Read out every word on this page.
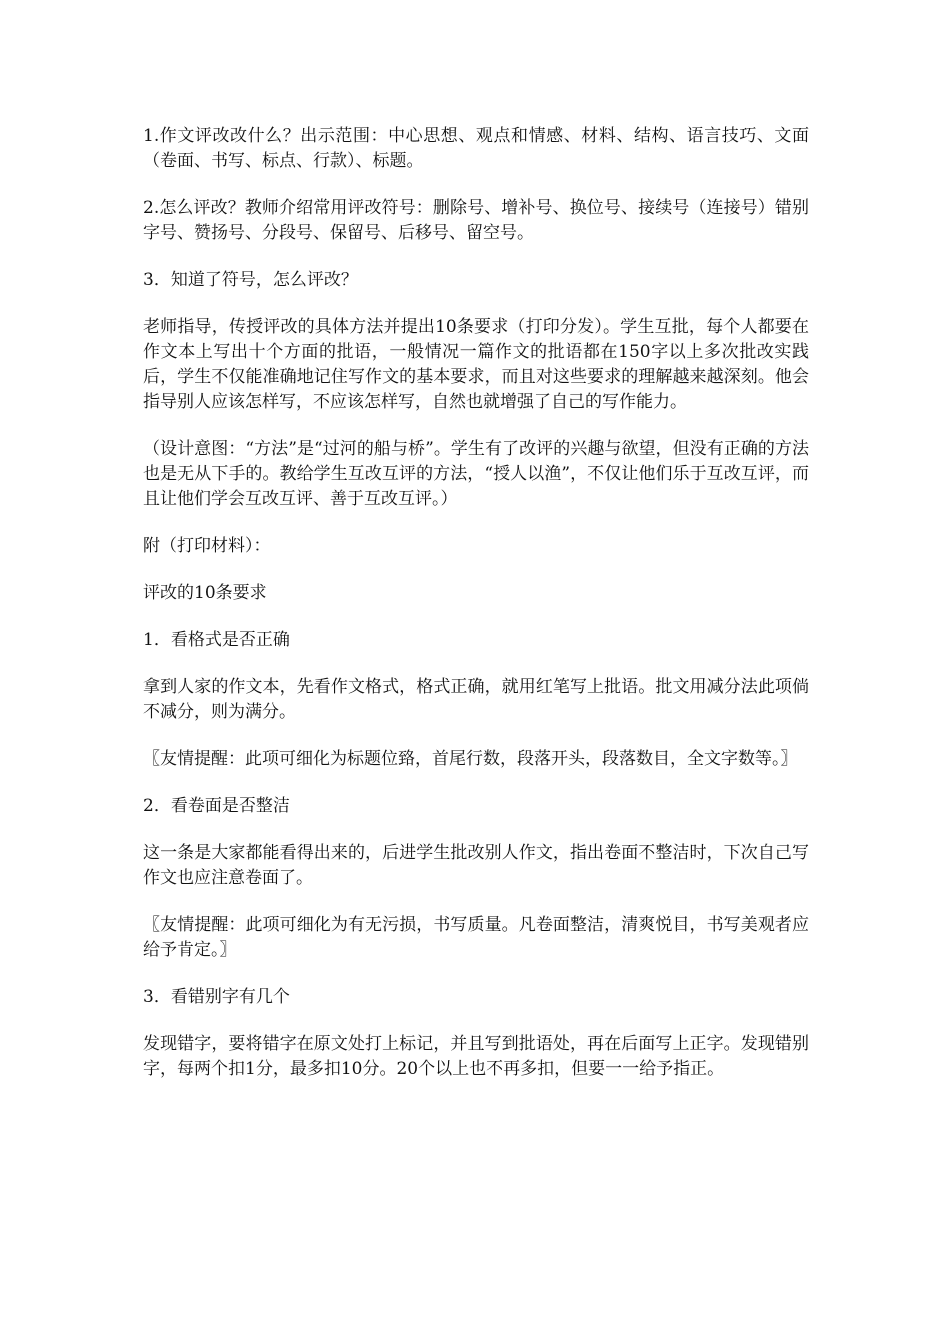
1.作文评改改什么？出示范围：中心思想、观点和情感、材料、结构、语言技巧、文面（卷面、书写、标点、行款）、标题。

2.怎么评改？教师介绍常用评改符号：删除号、增补号、换位号、接续号（连接号）错别字号、赞扬号、分段号、保留号、后移号、留空号。

3．知道了符号，怎么评改？

老师指导，传授评改的具体方法并提出10条要求（打印分发）。学生互批，每个人都要在作文本上写出十个方面的批语，一般情况一篇作文的批语都在150字以上多次批改实践后，学生不仅能准确地记住写作文的基本要求，而且对这些要求的理解越来越深刻。他会指导别人应该怎样写，不应该怎样写，自然也就增强了自己的写作能力。

（设计意图：“方法”是“过河的船与桥”。学生有了改评的兴趣与欲望，但没有正确的方法也是无从下手的。教给学生互改互评的方法，“授人以渔”，不仅让他们乐于互改互评，而且让他们学会互改互评、善于互改互评。）

附（打印材料）：

评改的10条要求

1．看格式是否正确

拿到人家的作文本，先看作文格式，格式正确，就用红笔写上批语。批文用减分法此项倘不减分，则为满分。

〖友情提醒：此项可细化为标题位臵，首尾行数，段落开头，段落数目，全文字数等。〗

2．看卷面是否整洁

这一条是大家都能看得出来的，后进学生批改别人作文，指出卷面不整洁时，下次自己写作文也应注意卷面了。

〖友情提醒：此项可细化为有无污损，书写质量。凡卷面整洁，清爽悦目，书写美观者应给予肯定。〗

3．看错别字有几个

发现错字，要将错字在原文处打上标记，并且写到批语处，再在后面写上正字。发现错别字，每两个扣1分，最多扣10分。20个以上也不再多扣，但要一一给予指正。
